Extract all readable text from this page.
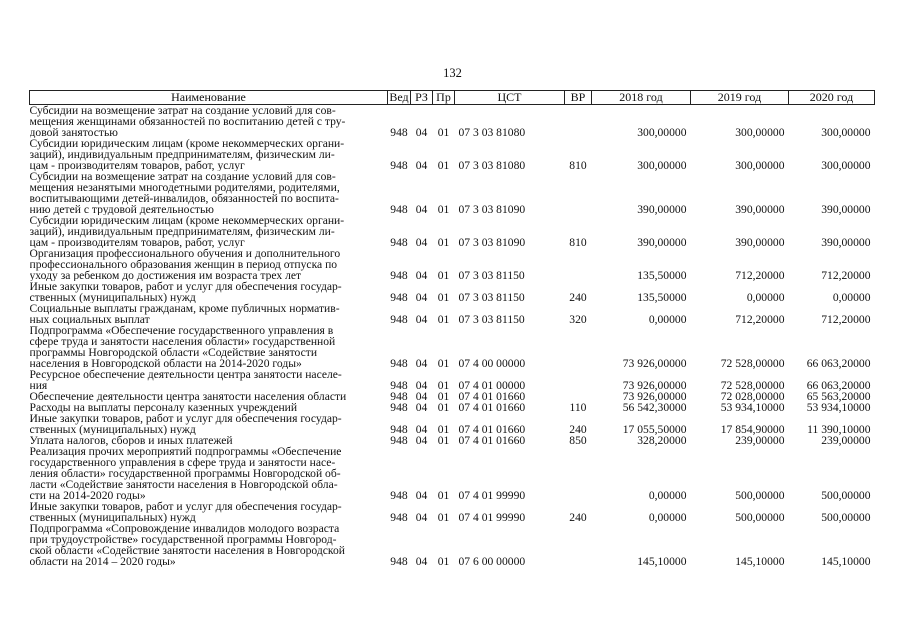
132
Наименование	Вед	РЗ	Пр	ЦСТ	ВР	2018 год	2019 год	2020 год
Субсидии на возмещение затрат на создание условий для сов-
мещения женщинами обязанностей по воспитанию детей с тру-
довой занятостью	948	04	01	07 3 03 81080		300,00000	300,00000	300,00000
Субсидии юридическим лицам (кроме некоммерческих органи-
заций), индивидуальным предпринимателям, физическим ли-
цам - производителям товаров, работ, услуг	948	04	01	07 3 03 81080	810	300,00000	300,00000	300,00000
Субсидии на возмещение затрат на создание условий для сов-
мещения незанятыми многодетными родителями, родителями,
воспитывающими детей-инвалидов, обязанностей по воспита-
нию детей с трудовой деятельностью	948	04	01	07 3 03 81090		390,00000	390,00000	390,00000
Субсидии юридическим лицам (кроме некоммерческих органи-
заций), индивидуальным предпринимателям, физическим ли-
цам - производителям товаров, работ, услуг	948	04	01	07 3 03 81090	810	390,00000	390,00000	390,00000
Организация профессионального обучения и дополнительного
профессионального образования женщин в период отпуска по
уходу за ребенком до достижения им возраста трех лет	948	04	01	07 3 03 81150		135,50000	712,20000	712,20000
Иные закупки товаров, работ и услуг для обеспечения государ-
ственных (муниципальных) нужд	948	04	01	07 3 03 81150	240	135,50000	0,00000	0,00000
Социальные выплаты гражданам, кроме публичных норматив-
ных социальных выплат	948	04	01	07 3 03 81150	320	0,00000	712,20000	712,20000
Подпрограмма «Обеспечение государственного управления в
сфере труда и занятости населения области» государственной
программы Новгородской области «Содействие занятости
населения в Новгородской области на 2014-2020 годы»	948	04	01	07 4 00 00000		73 926,00000	72 528,00000	66 063,20000
Ресурсное обеспечение деятельности центра занятости населе-
ния	948	04	01	07 4 01 00000		73 926,00000	72 528,00000	66 063,20000
Обеспечение деятельности центра занятости населения области	948	04	01	07 4 01 01660		73 926,00000	72 028,00000	65 563,20000
Расходы на выплаты персоналу казенных учреждений	948	04	01	07 4 01 01660	110	56 542,30000	53 934,10000	53 934,10000
Иные закупки товаров, работ и услуг для обеспечения государ-
ственных (муниципальных) нужд	948	04	01	07 4 01 01660	240	17 055,50000	17 854,90000	11 390,10000
Уплата налогов, сборов и иных платежей	948	04	01	07 4 01 01660	850	328,20000	239,00000	239,00000
Реализация прочих мероприятий подпрограммы «Обеспечение
государственного управления в сфере труда и занятости насе-
ления области» государственной программы Новгородской об-
ласти «Содействие занятости населения в Новгородской обла-
сти на 2014-2020 годы»	948	04	01	07 4 01 99990		0,00000	500,00000	500,00000
Иные закупки товаров, работ и услуг для обеспечения государ-
ственных (муниципальных) нужд	948	04	01	07 4 01 99990	240	0,00000	500,00000	500,00000
Подпрограмма «Сопровождение инвалидов молодого возраста
при трудоустройстве» государственной программы Новгород-
ской области «Содействие занятости населения в Новгородской
области на 2014 – 2020 годы»	948	04	01	07 6 00 00000		145,10000	145,10000	145,10000
